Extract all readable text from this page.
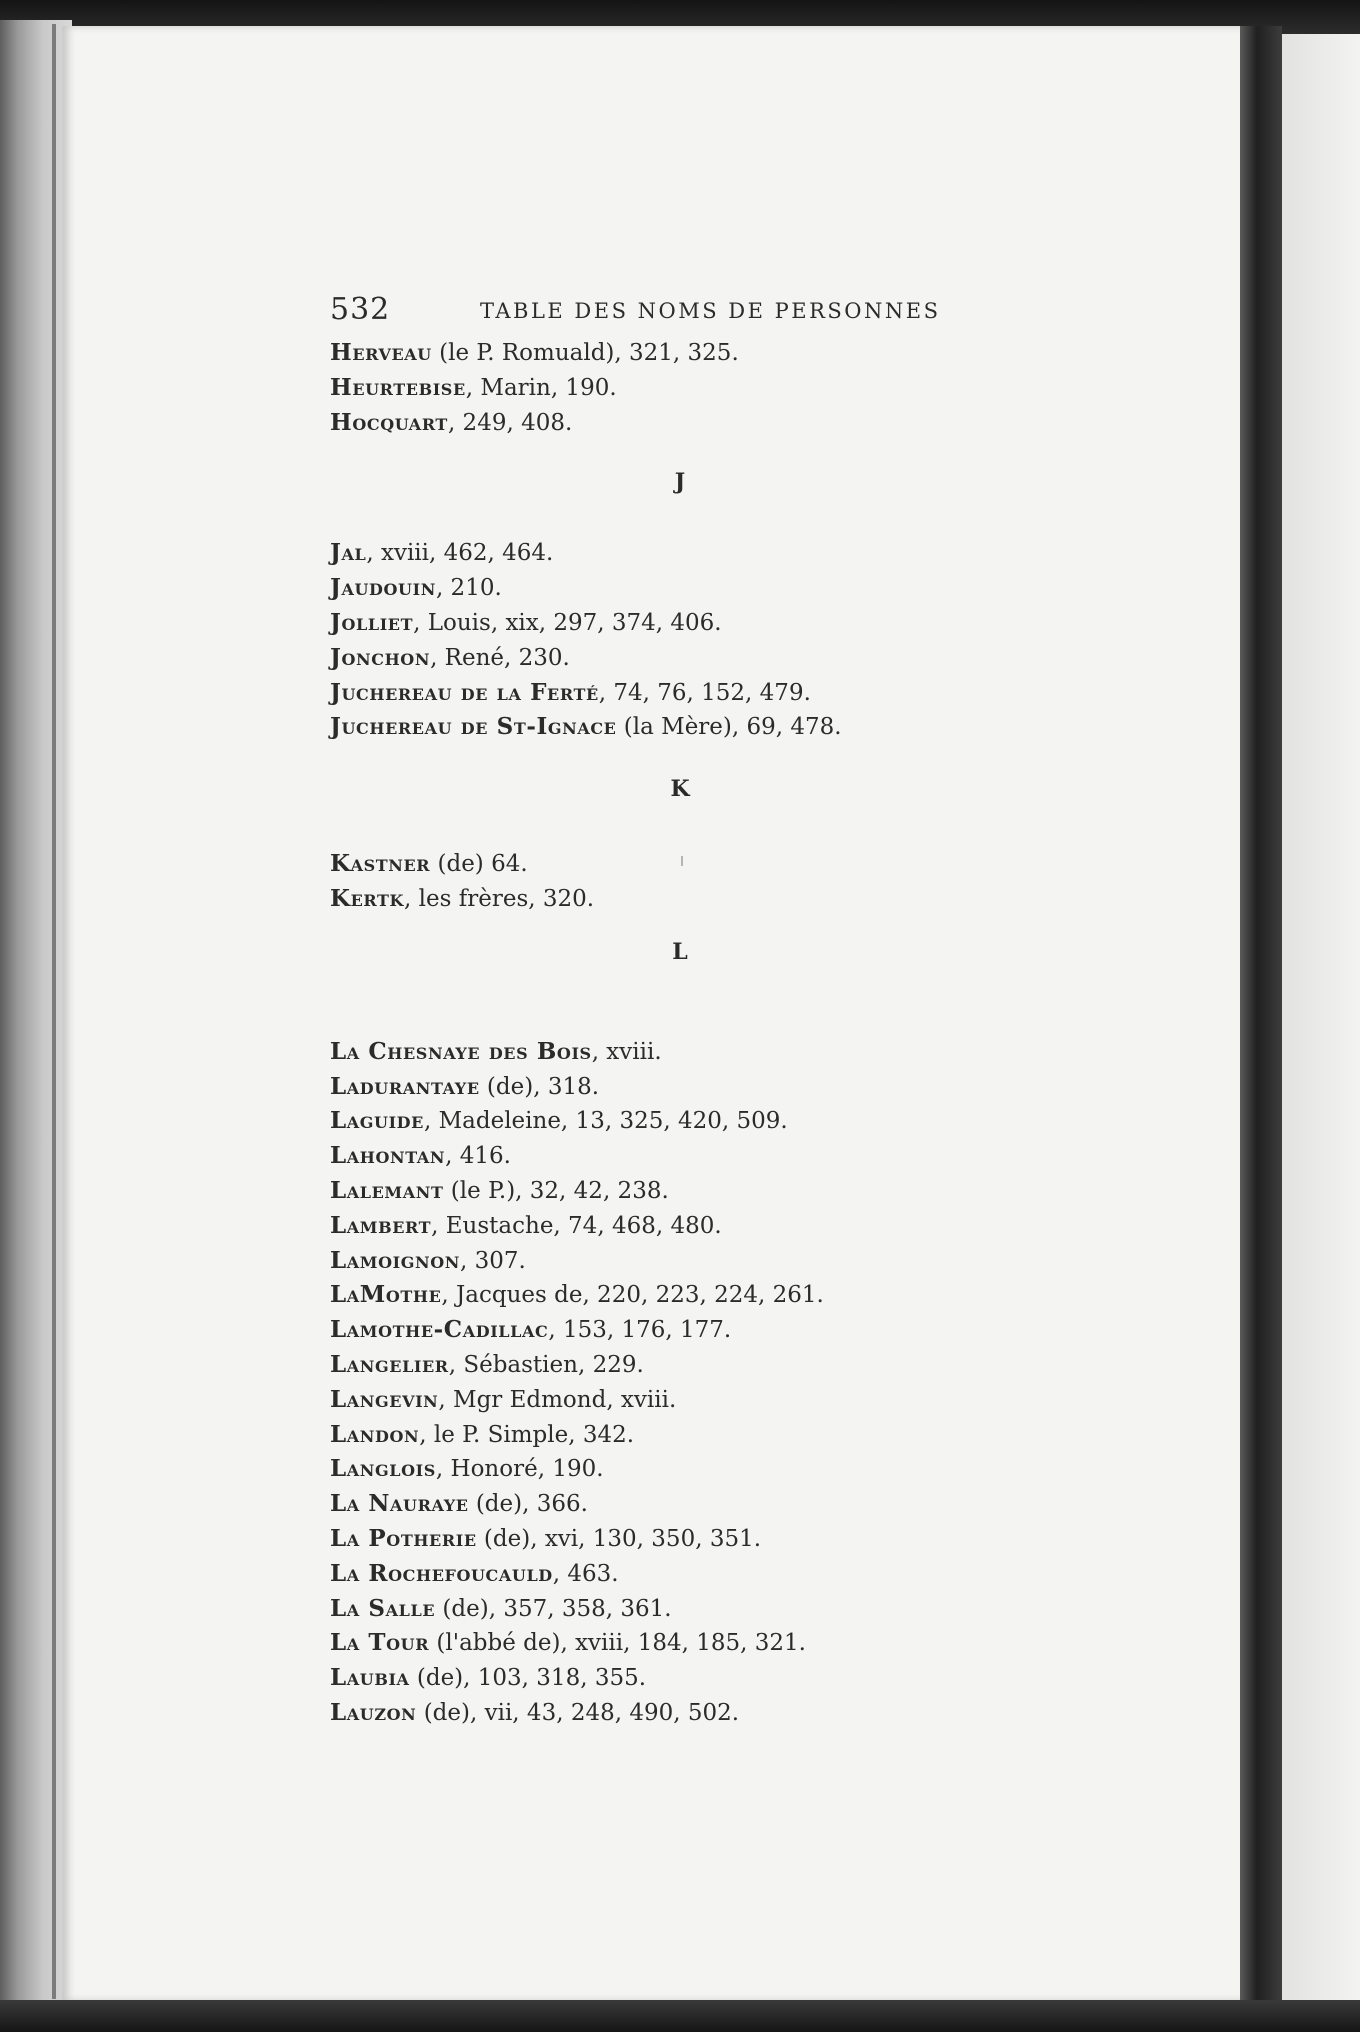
532	TABLE DES NOMS DE PERSONNES
Herveau (le P. Romuald), 321, 325.
Heurtebise, Marin, 190.
Hocquart, 249, 408.
J
Jal, xviii, 462, 464.
Jaudouin, 210.
Jolliet, Louis, xix, 297, 374, 406.
Jonchon, René, 230.
Juchereau de la Ferté, 74, 76, 152, 479.
Juchereau de St-Ignace (la Mère), 69, 478.
K
Kastner (de) 64.
Kertk, les frères, 320.
L
La Chesnaye des Bois, xviii.
Ladurantaye (de), 318.
Laguide, Madeleine, 13, 325, 420, 509.
Lahontan, 416.
Lalemant (le P.), 32, 42, 238.
Lambert, Eustache, 74, 468, 480.
Lamoignon, 307.
LaMothe, Jacques de, 220, 223, 224, 261.
Lamothe-Cadillac, 153, 176, 177.
Langelier, Sébastien, 229.
Langevin, Mgr Edmond, xviii.
Landon, le P. Simple, 342.
Langlois, Honoré, 190.
La Nauraye (de), 366.
La Potherie (de), xvi, 130, 350, 351.
La Rochefoucauld, 463.
La Salle (de), 357, 358, 361.
La Tour (l'abbé de), xviii, 184, 185, 321.
Laubia (de), 103, 318, 355.
Lauzon (de), vii, 43, 248, 490, 502.
